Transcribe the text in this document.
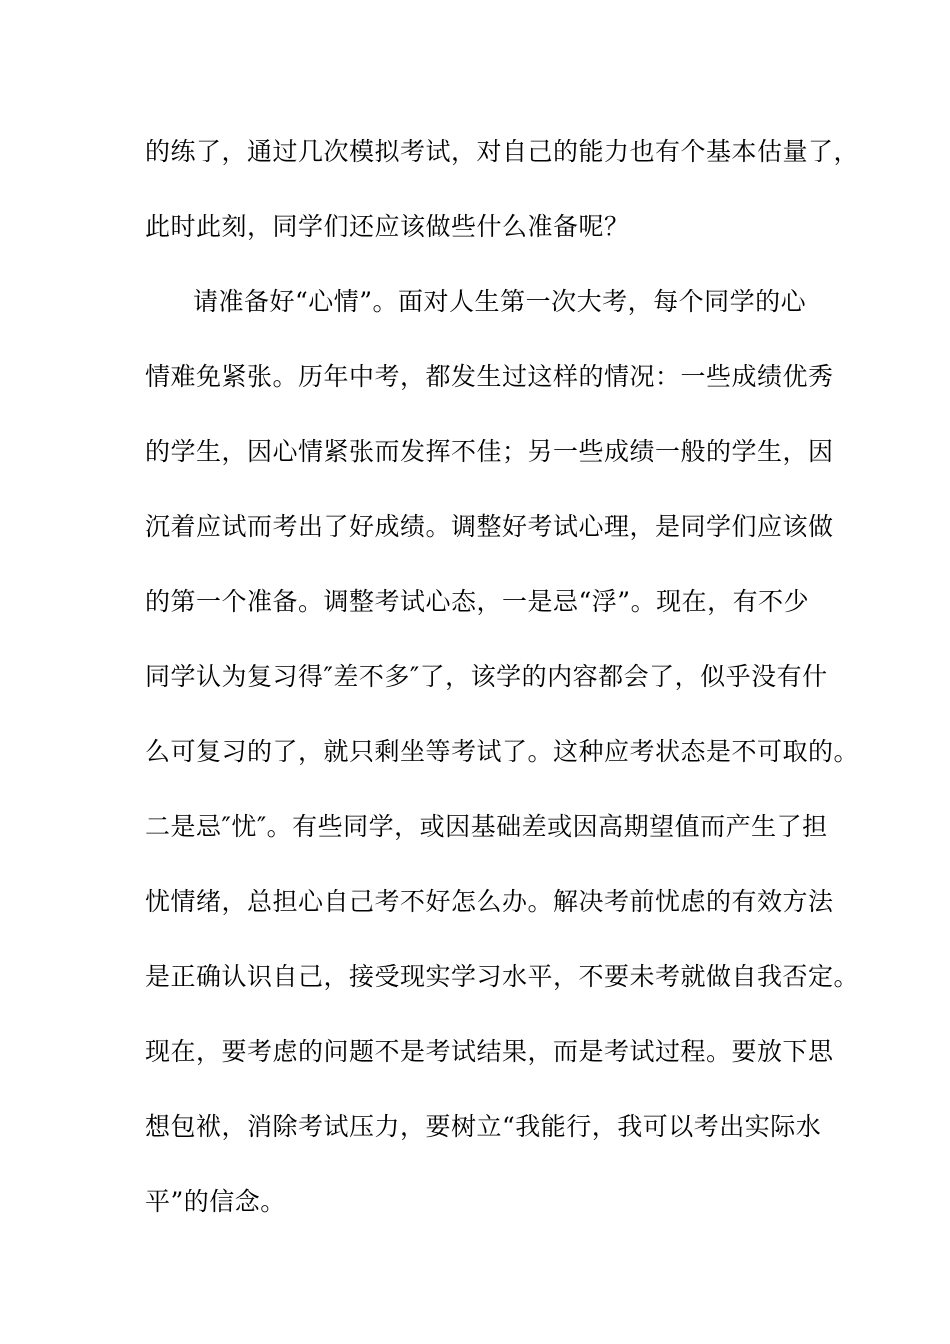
的练了，通过几次模拟考试，对自己的能力也有个基本估量了，
此时此刻，同学们还应该做些什么准备呢？
请准备好“心情”。面对人生第一次大考，每个同学的心
情难免紧张。历年中考，都发生过这样的情况：一些成绩优秀
的学生，因心情紧张而发挥不佳；另一些成绩一般的学生，因
沉着应试而考出了好成绩。调整好考试心理，是同学们应该做
的第一个准备。调整考试心态，一是忌“浮”。现在，有不少
同学认为复习得″差不多″了，该学的内容都会了，似乎没有什
么可复习的了，就只剩坐等考试了。这种应考状态是不可取的。
二是忌″忧″。有些同学，或因基础差或因高期望值而产生了担
忧情绪，总担心自己考不好怎么办。解决考前忧虑的有效方法
是正确认识自己，接受现实学习水平，不要未考就做自我否定。
现在，要考虑的问题不是考试结果，而是考试过程。要放下思
想包袱，消除考试压力，要树立“我能行，我可以考出实际水
平”的信念。
